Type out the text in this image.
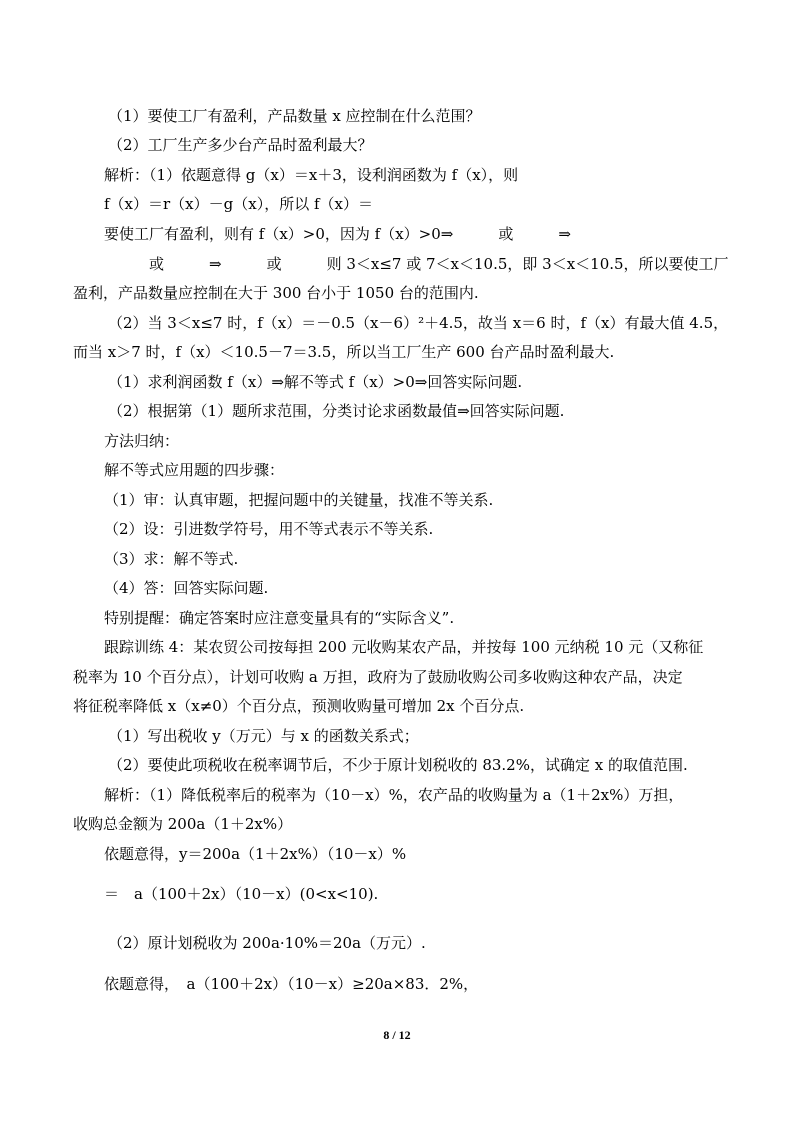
（1）要使工厂有盈利，产品数量 x 应控制在什么范围？
（2）工厂生产多少台产品时盈利最大？
解析：（1）依题意得 g（x）＝x＋3，设利润函数为 f（x），则
f（x）＝r（x）－g（x），所以 f（x）＝
要使工厂有盈利，则有 f（x）>0，因为 f（x）>0⇒　　　或　　　⇒
　　　或　　　⇒　　　或　　　则 3＜x≤7 或 7＜x＜10.5，即 3＜x＜10.5，所以要使工厂
盈利，产品数量应控制在大于 300 台小于 1050 台的范围内.
（2）当 3＜x≤7 时，f（x）＝－0.5（x－6）²＋4.5，故当 x＝6 时，f（x）有最大值 4.5，
而当 x＞7 时，f（x）＜10.5－7＝3.5，所以当工厂生产 600 台产品时盈利最大.
（1）求利润函数 f（x）⇒解不等式 f（x）>0⇒回答实际问题.
（2）根据第（1）题所求范围，分类讨论求函数最值⇒回答实际问题.
方法归纳：
解不等式应用题的四步骤：
（1）审：认真审题，把握问题中的关键量，找准不等关系.
（2）设：引进数学符号，用不等式表示不等关系.
（3）求：解不等式.
（4）答：回答实际问题.
特别提醒：确定答案时应注意变量具有的“实际含义”.
跟踪训练 4：某农贸公司按每担 200 元收购某农产品，并按每 100 元纳税 10 元（又称征
税率为 10 个百分点），计划可收购 a 万担，政府为了鼓励收购公司多收购这种农产品，决定
将征税率降低 x（x≠0）个百分点，预测收购量可增加 2x 个百分点.
（1）写出税收 y（万元）与 x 的函数关系式；
（2）要使此项税收在税率调节后，不少于原计划税收的 83.2%，试确定 x 的取值范围.
解析：（1）降低税率后的税率为（10－x）%，农产品的收购量为 a（1＋2x%）万担，
收购总金额为 200a（1＋2x%）
依题意得，y＝200a（1＋2x%）（10－x）%
＝　a（100＋2x）（10－x）(0<x<10).
（2）原计划税收为 200a·10%＝20a（万元）.
依题意得，　a（100＋2x）（10－x）≥20a×83．2%，
8 / 12
